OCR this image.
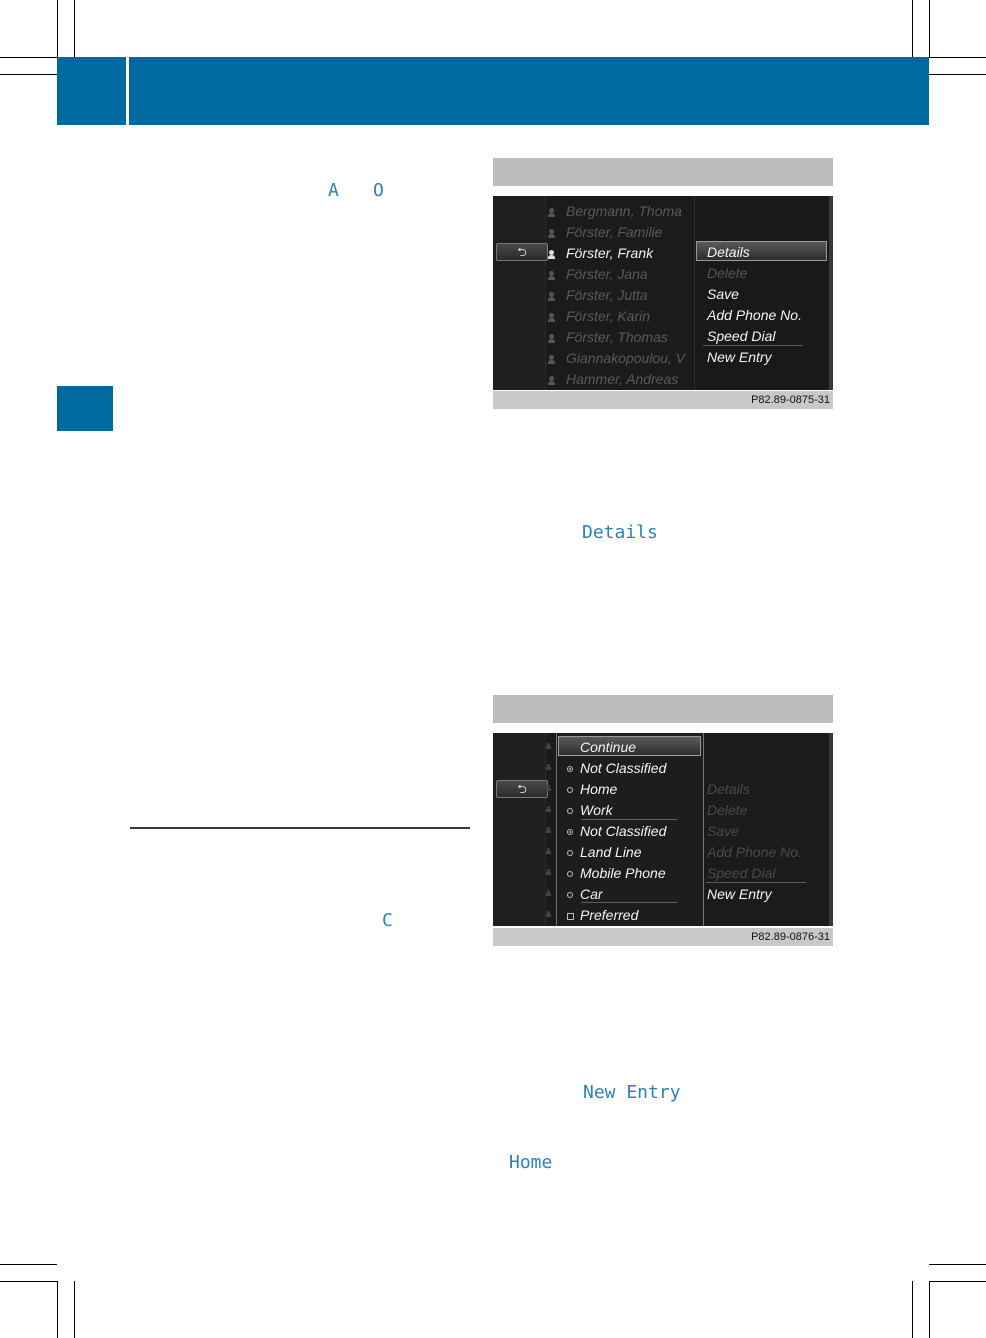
A O
Details
C
New Entry
Home
⮌
Bergmann, Thoma
Förster, Familie
Förster, Frank
Förster, Jana
Förster, Jutta
Förster, Karin
Förster, Thomas
Giannakopoulou, V
Hammer, Andreas
Details
Delete
Save
Add Phone No.
Speed Dial
New Entry
P82.89-0875-31
⮌
Continue
Not Classified
Home
Work
Not Classified
Land Line
Mobile Phone
Car
Preferred
Details
Delete
Save
Add Phone No.
Speed Dial
New Entry
P82.89-0876-31
